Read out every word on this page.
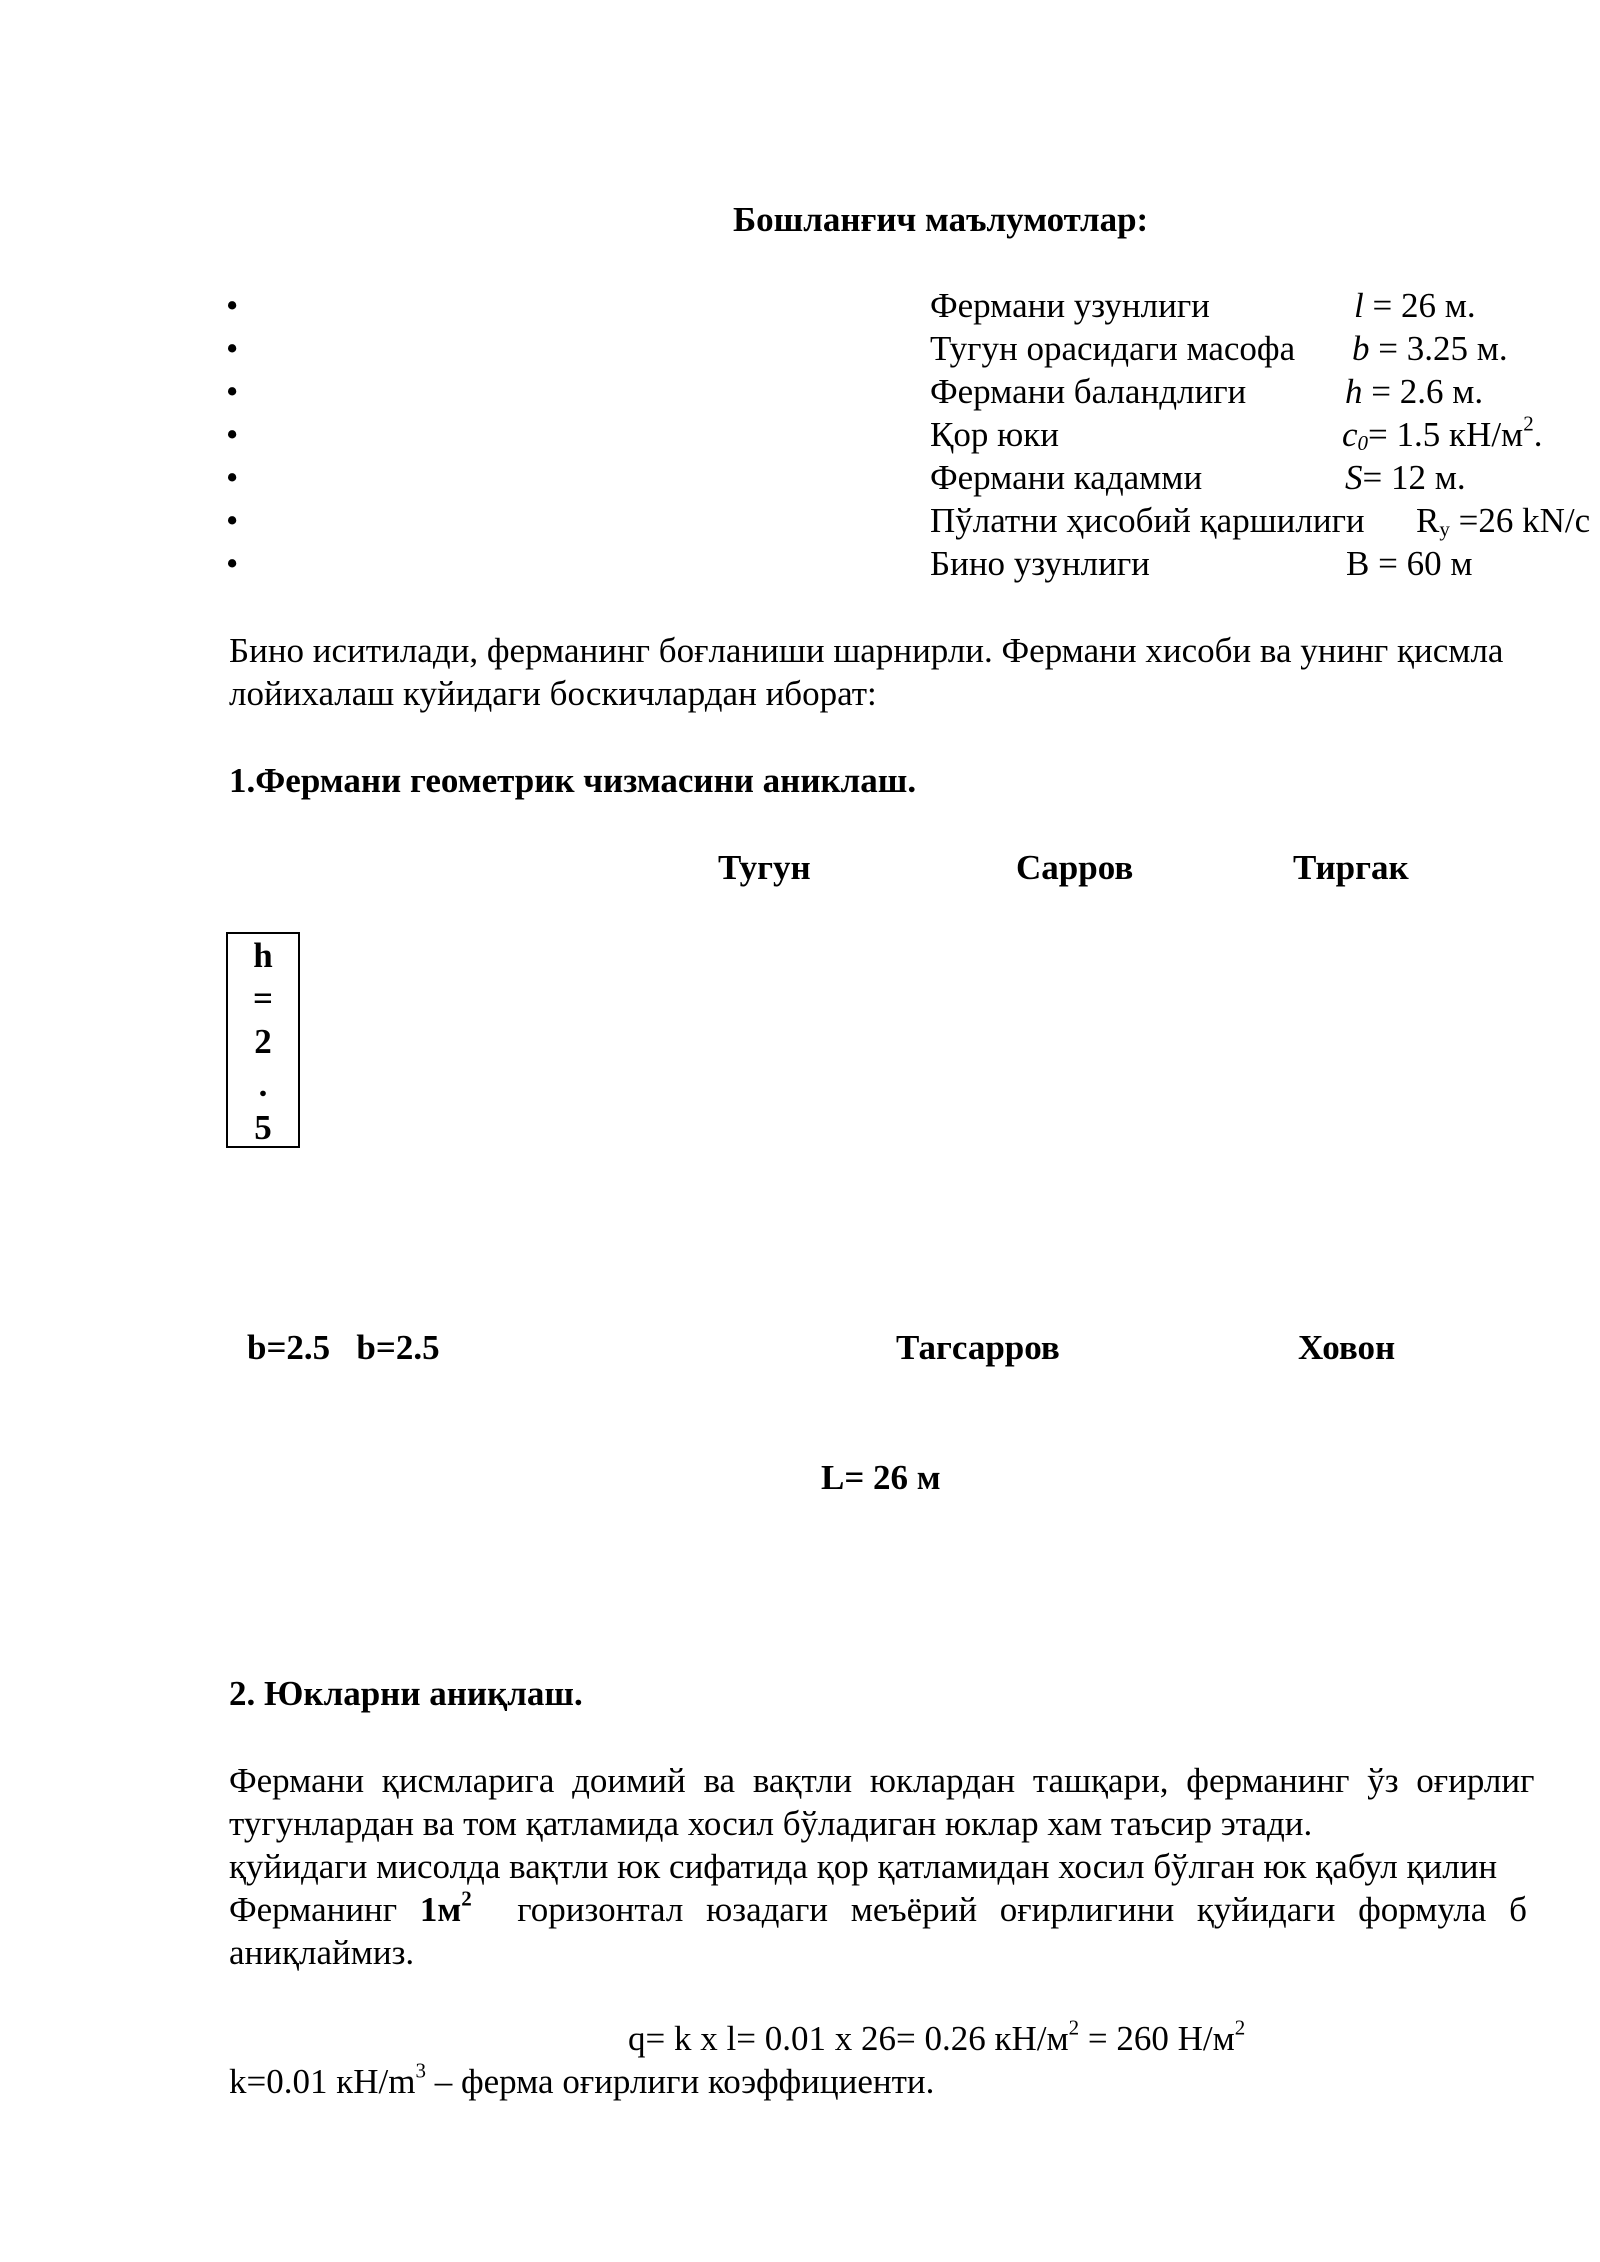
Бошланғич маълумотлар:
•	Фермани узунлиги	l = 26 м.
•	Тугун орасидаги масофа b = 3.25 м.
•	Фермани баландлиги	h = 2.6 м.
•	Қор юки	$c_0= 1.5$ $кН/м^2$.
•	Фермани кадамми	S= 12 м.
•	Пўлатни ҳисобий қаршилиги $R_y =26$ kN/c
•	Бино узунлиги	B = 60 м
Бино иситилади, ферманинг боғланиши шарнирли. Фермани хисоби ва унинг қисмла
лойихалаш куйидаги боскичлардан иборат:
1.Фермани геометрик чизмасини аниклаш.
Тугун	Сарров	Тиргак
h
=
2
.
5
b=2.5   b=2.5	Тагсарров	Ховон
L= 26 м
2. Юкларни аниқлаш.
Фермани қисмларига доимий ва вақтли юклардан ташқари, ферманинг ўз оғирлиг
тугунлардан ва том қатламида хосил бўладиган юклар хам таъсир этади.
қуйидаги мисолда вақтли юк сифатида қор қатламидан хосил бўлган юк қабул қилин
Ферманинг $1м^2$ горизонтал юзадаги меъёрий оғирлигини қуйидаги формула б
аниқлаймиз.
q= k x l= 0.01 x 26= 0.26 $кН/м^2 = 260$ $Н/м^2$
k=0.01 $кН/m^3$ – ферма оғирлиги коэффициенти.
